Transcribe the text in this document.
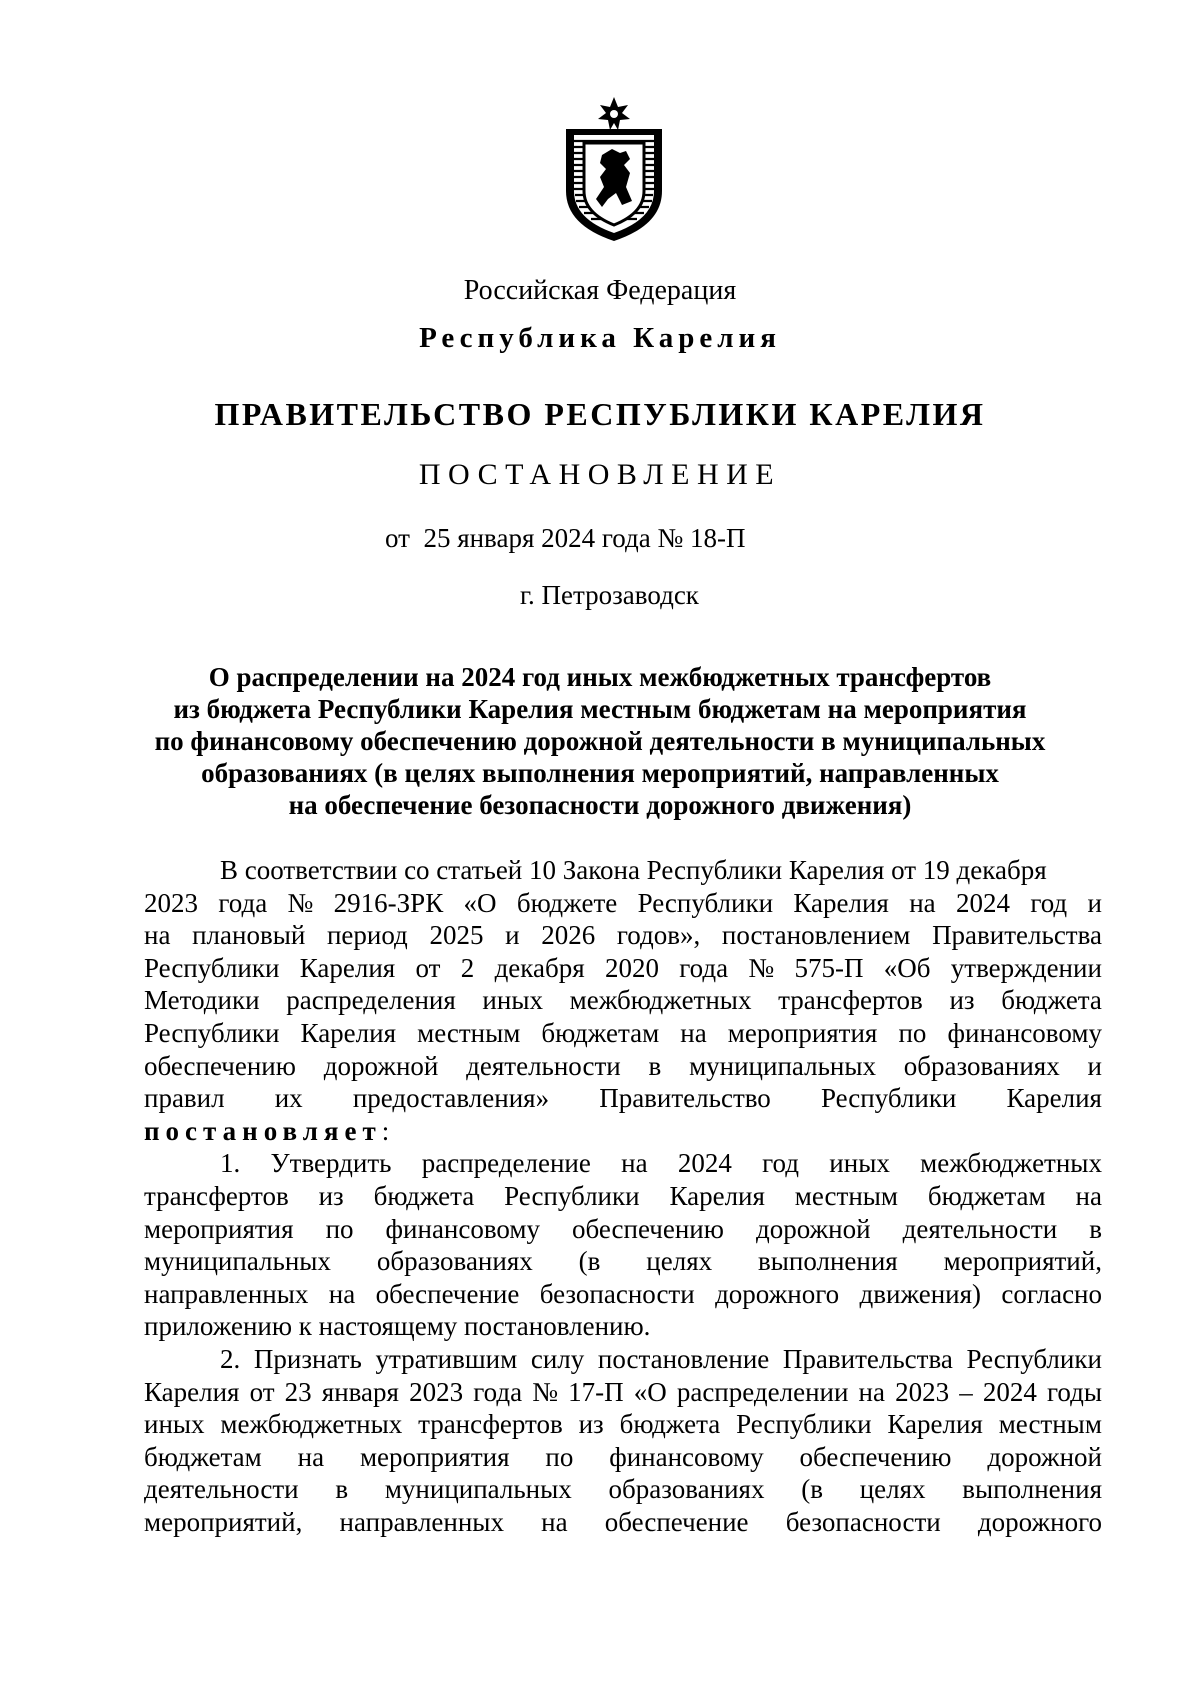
Российская Федерация
Республика Карелия
ПРАВИТЕЛЬСТВО РЕСПУБЛИКИ КАРЕЛИЯ
ПОСТАНОВЛЕНИЕ
от  25 января 2024 года № 18-П
г. Петрозаводск
О распределении на 2024 год иных межбюджетных трансфертов
из бюджета Республики Карелия местным бюджетам на мероприятия
по финансовому обеспечению дорожной деятельности в муниципальных
образованиях (в целях выполнения мероприятий, направленных
на обеспечение безопасности дорожного движения)
В соответствии со статьей 10 Закона Республики Карелия от 19 декабря
2023 года № 2916-ЗРК «О бюджете Республики Карелия на 2024 год и
на плановый период 2025 и 2026 годов», постановлением Правительства
Республики Карелия от 2 декабря 2020 года № 575-П «Об утверждении
Методики распределения иных межбюджетных трансфертов из бюджета
Республики Карелия местным бюджетам на мероприятия по финансовому
обеспечению дорожной деятельности в муниципальных образованиях и
правил их предоставления» Правительство Республики Карелия
постановляет:
1. Утвердить распределение на 2024 год иных межбюджетных
трансфертов из бюджета Республики Карелия местным бюджетам на
мероприятия по финансовому обеспечению дорожной деятельности в
муниципальных образованиях (в целях выполнения мероприятий,
направленных на обеспечение безопасности дорожного движения) согласно
приложению к настоящему постановлению.
2. Признать утратившим силу постановление Правительства Республики
Карелия от 23 января 2023 года № 17-П «О распределении на 2023 – 2024 годы
иных межбюджетных трансфертов из бюджета Республики Карелия местным
бюджетам на мероприятия по финансовому обеспечению дорожной
деятельности в муниципальных образованиях (в целях выполнения
мероприятий, направленных на обеспечение безопасности дорожного
